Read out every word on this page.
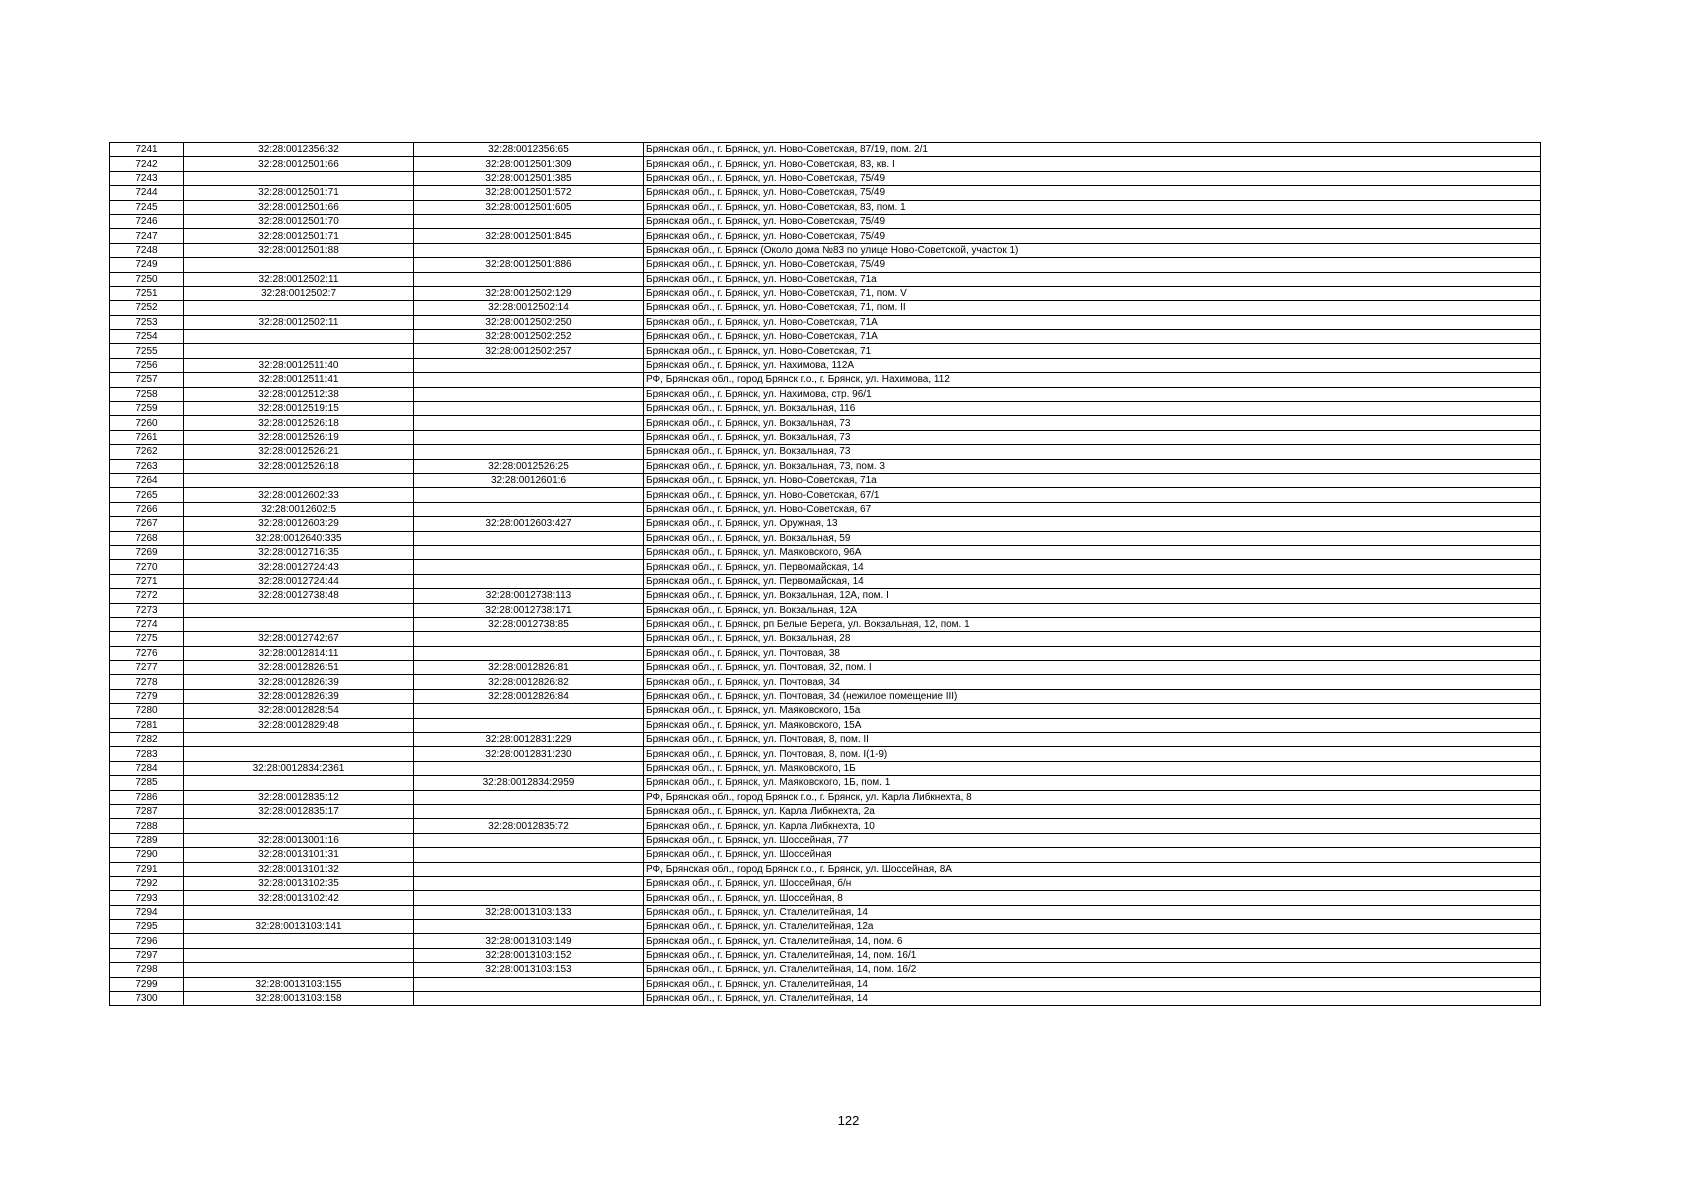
7241	32:28:0012356:32	32:28:0012356:65	Брянская обл., г. Брянск, ул. Ново-Советская, 87/19, пом. 2/1
7242	32:28:0012501:66	32:28:0012501:309	Брянская обл., г. Брянск, ул. Ново-Советская, 83, кв. I
7243		32:28:0012501:385	Брянская обл., г. Брянск, ул. Ново-Советская, 75/49
7244	32:28:0012501:71	32:28:0012501:572	Брянская обл., г. Брянск, ул. Ново-Советская, 75/49
7245	32:28:0012501:66	32:28:0012501:605	Брянская обл., г. Брянск, ул. Ново-Советская, 83, пом. 1
7246	32:28:0012501:70		Брянская обл., г. Брянск, ул. Ново-Советская, 75/49
7247	32:28:0012501:71	32:28:0012501:845	Брянская обл., г. Брянск, ул. Ново-Советская, 75/49
7248	32:28:0012501:88		Брянская обл., г. Брянск (Около дома №83 по улице Ново-Советской, участок 1)
7249		32:28:0012501:886	Брянская обл., г. Брянск, ул. Ново-Советская, 75/49
7250	32:28:0012502:11		Брянская обл., г. Брянск, ул. Ново-Советская, 71а
7251	32:28:0012502:7	32:28:0012502:129	Брянская обл., г. Брянск, ул. Ново-Советская, 71, пом. V
7252		32:28:0012502:14	Брянская обл., г. Брянск, ул. Ново-Советская, 71, пом. II
7253	32:28:0012502:11	32:28:0012502:250	Брянская обл., г. Брянск, ул. Ново-Советская, 71А
7254		32:28:0012502:252	Брянская обл., г. Брянск, ул. Ново-Советская, 71А
7255		32:28:0012502:257	Брянская обл., г. Брянск, ул. Ново-Советская, 71
7256	32:28:0012511:40		Брянская обл., г. Брянск, ул. Нахимова, 112А
7257	32:28:0012511:41		РФ, Брянская обл., город Брянск г.о., г. Брянск, ул. Нахимова, 112
7258	32:28:0012512:38		Брянская обл., г. Брянск, ул. Нахимова, стр. 96/1
7259	32:28:0012519:15		Брянская обл., г. Брянск, ул. Вокзальная, 116
7260	32:28:0012526:18		Брянская обл., г. Брянск, ул. Вокзальная, 73
7261	32:28:0012526:19		Брянская обл., г. Брянск, ул. Вокзальная, 73
7262	32:28:0012526:21		Брянская обл., г. Брянск, ул. Вокзальная, 73
7263	32:28:0012526:18	32:28:0012526:25	Брянская обл., г. Брянск, ул. Вокзальная, 73, пом. 3
7264		32:28:0012601:6	Брянская обл., г. Брянск, ул. Ново-Советская, 71а
7265	32:28:0012602:33		Брянская обл., г. Брянск, ул. Ново-Советская, 67/1
7266	32:28:0012602:5		Брянская обл., г. Брянск, ул. Ново-Советская, 67
7267	32:28:0012603:29	32:28:0012603:427	Брянская обл., г. Брянск, ул. Оружная, 13
7268	32:28:0012640:335		Брянская обл., г. Брянск, ул. Вокзальная, 59
7269	32:28:0012716:35		Брянская обл., г. Брянск, ул. Маяковского, 96А
7270	32:28:0012724:43		Брянская обл., г. Брянск, ул. Первомайская, 14
7271	32:28:0012724:44		Брянская обл., г. Брянск, ул. Первомайская, 14
7272	32:28:0012738:48	32:28:0012738:113	Брянская обл., г. Брянск, ул. Вокзальная, 12А, пом. I
7273		32:28:0012738:171	Брянская обл., г. Брянск, ул. Вокзальная, 12А
7274		32:28:0012738:85	Брянская обл., г. Брянск, рп Белые Берега, ул. Вокзальная, 12, пом. 1
7275	32:28:0012742:67		Брянская обл., г. Брянск, ул. Вокзальная, 28
7276	32:28:0012814:11		Брянская обл., г. Брянск, ул. Почтовая, 38
7277	32:28:0012826:51	32:28:0012826:81	Брянская обл., г. Брянск, ул. Почтовая, 32, пом. I
7278	32:28:0012826:39	32:28:0012826:82	Брянская обл., г. Брянск, ул. Почтовая, 34
7279	32:28:0012826:39	32:28:0012826:84	Брянская обл., г. Брянск, ул. Почтовая, 34 (нежилое помещение III)
7280	32:28:0012828:54		Брянская обл., г. Брянск, ул. Маяковского, 15а
7281	32:28:0012829:48		Брянская обл., г. Брянск, ул. Маяковского, 15А
7282		32:28:0012831:229	Брянская обл., г. Брянск, ул. Почтовая, 8, пом. II
7283		32:28:0012831:230	Брянская обл., г. Брянск, ул. Почтовая, 8, пом. I(1-9)
7284	32:28:0012834:2361		Брянская обл., г. Брянск, ул. Маяковского, 1Б
7285		32:28:0012834:2959	Брянская обл., г. Брянск, ул. Маяковского, 1Б, пом. 1
7286	32:28:0012835:12		РФ, Брянская обл., город Брянск г.о., г. Брянск, ул. Карла Либкнехта, 8
7287	32:28:0012835:17		Брянская обл., г. Брянск, ул. Карла Либкнехта, 2а
7288		32:28:0012835:72	Брянская обл., г. Брянск, ул. Карла Либкнехта, 10
7289	32:28:0013001:16		Брянская обл., г. Брянск, ул. Шоссейная, 77
7290	32:28:0013101:31		Брянская обл., г. Брянск, ул. Шоссейная
7291	32:28:0013101:32		РФ, Брянская обл., город Брянск г.о., г. Брянск, ул. Шоссейная, 8А
7292	32:28:0013102:35		Брянская обл., г. Брянск, ул. Шоссейная, б/н
7293	32:28:0013102:42		Брянская обл., г. Брянск, ул. Шоссейная, 8
7294		32:28:0013103:133	Брянская обл., г. Брянск, ул. Сталелитейная, 14
7295	32:28:0013103:141		Брянская обл., г. Брянск, ул. Сталелитейная, 12а
7296		32:28:0013103:149	Брянская обл., г. Брянск, ул. Сталелитейная, 14, пом. 6
7297		32:28:0013103:152	Брянская обл., г. Брянск, ул. Сталелитейная, 14, пом. 16/1
7298		32:28:0013103:153	Брянская обл., г. Брянск, ул. Сталелитейная, 14, пом. 16/2
7299	32:28:0013103:155		Брянская обл., г. Брянск, ул. Сталелитейная, 14
7300	32:28:0013103:158		Брянская обл., г. Брянск, ул. Сталелитейная, 14
122
